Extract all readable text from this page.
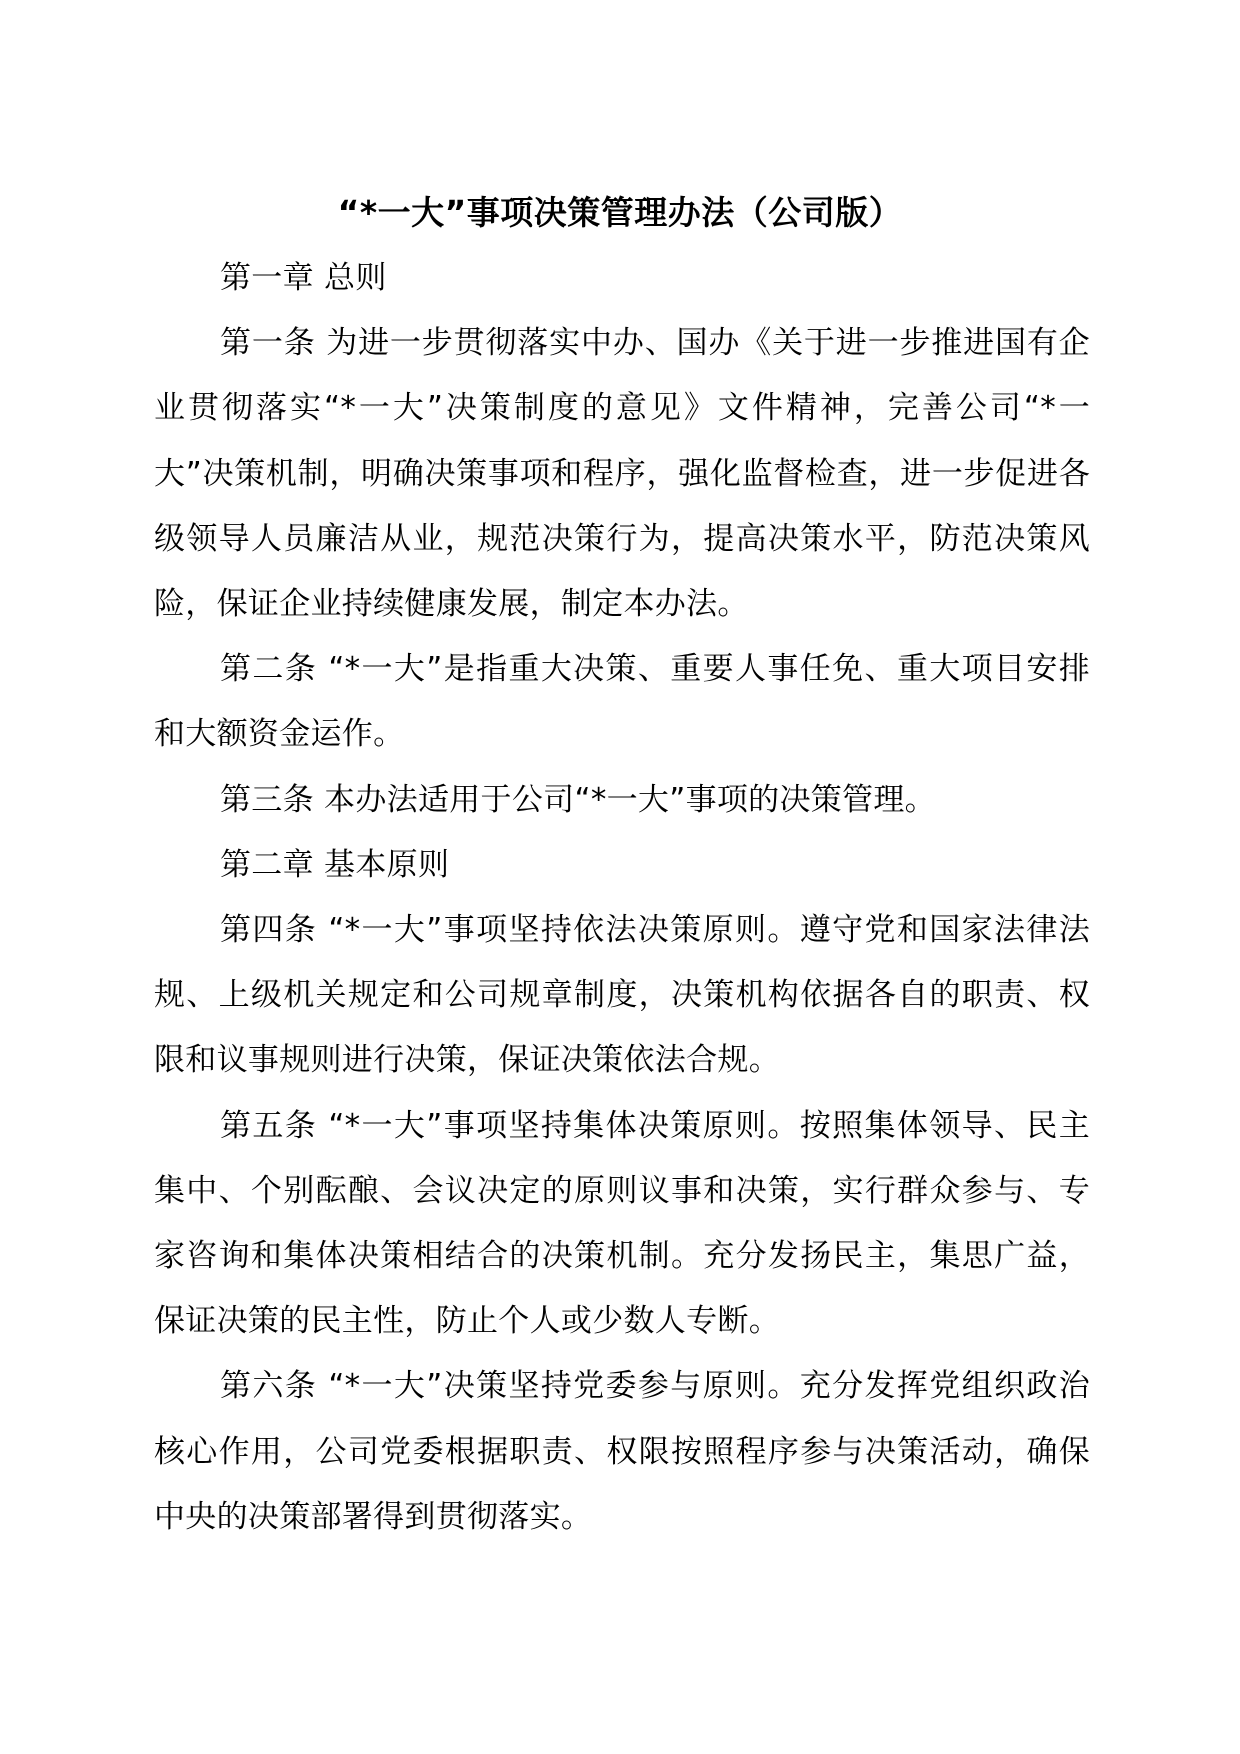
“*一大”事项决策管理办法（公司版）

第一章 总则

第一条 为进一步贯彻落实中办、国办《关于进一步推进国有企业贯彻落实“*一大”决策制度的意见》文件精神，完善公司“*一大”决策机制，明确决策事项和程序，强化监督检查，进一步促进各级领导人员廉洁从业，规范决策行为，提高决策水平，防范决策风险，保证企业持续健康发展，制定本办法。

第二条 “*一大”是指重大决策、重要人事任免、重大项目安排和大额资金运作。

第三条 本办法适用于公司“*一大”事项的决策管理。

第二章 基本原则

第四条 “*一大”事项坚持依法决策原则。遵守党和国家法律法规、上级机关规定和公司规章制度，决策机构依据各自的职责、权限和议事规则进行决策，保证决策依法合规。

第五条 “*一大”事项坚持集体决策原则。按照集体领导、民主集中、个别酝酿、会议决定的原则议事和决策，实行群众参与、专家咨询和集体决策相结合的决策机制。充分发扬民主，集思广益，保证决策的民主性，防止个人或少数人专断。

第六条 “*一大”决策坚持党委参与原则。充分发挥党组织政治核心作用，公司党委根据职责、权限按照程序参与决策活动，确保中央的决策部署得到贯彻落实。
